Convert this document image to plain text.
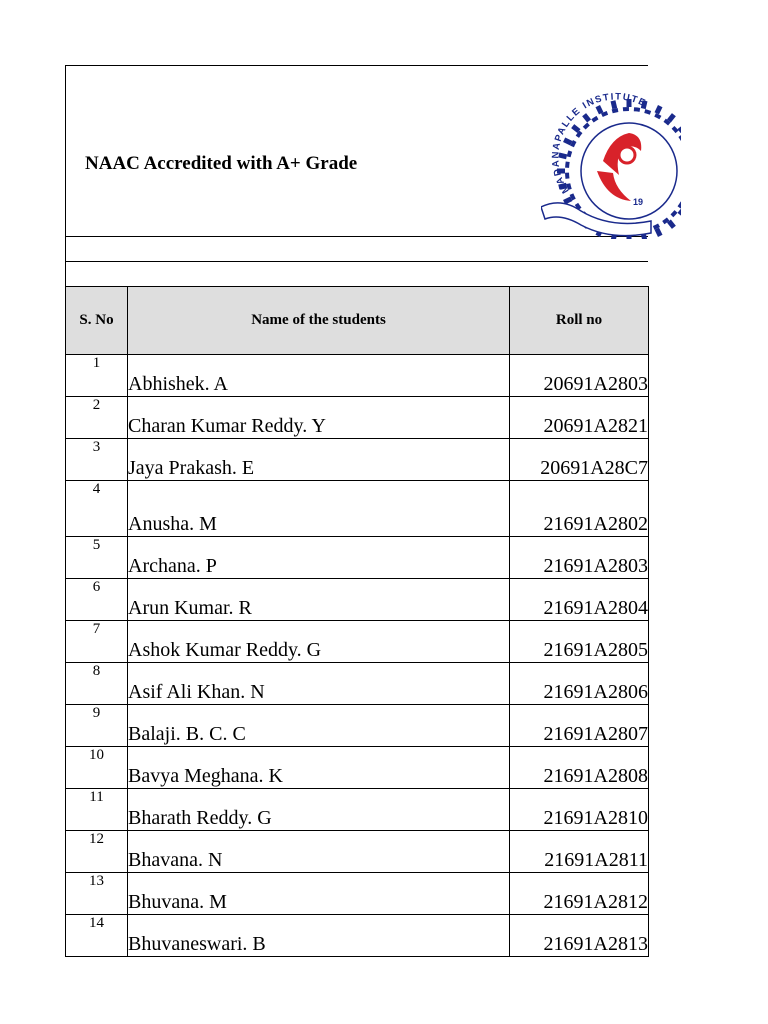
NAAC Accredited with A+ Grade
MADANAPALLE INSTITUTE
19
S. No	Name of the students	Roll no
1	Abhishek. A	20691A2803
2	Charan Kumar Reddy. Y	20691A2821
3	Jaya Prakash. E	20691A28C7
4	Anusha. M	21691A2802
5	Archana. P	21691A2803
6	Arun Kumar. R	21691A2804
7	Ashok Kumar Reddy. G	21691A2805
8	Asif Ali Khan. N	21691A2806
9	Balaji. B. C. C	21691A2807
10	Bavya Meghana. K	21691A2808
11	Bharath Reddy. G	21691A2810
12	Bhavana. N	21691A2811
13	Bhuvana. M	21691A2812
14	Bhuvaneswari. B	21691A2813
